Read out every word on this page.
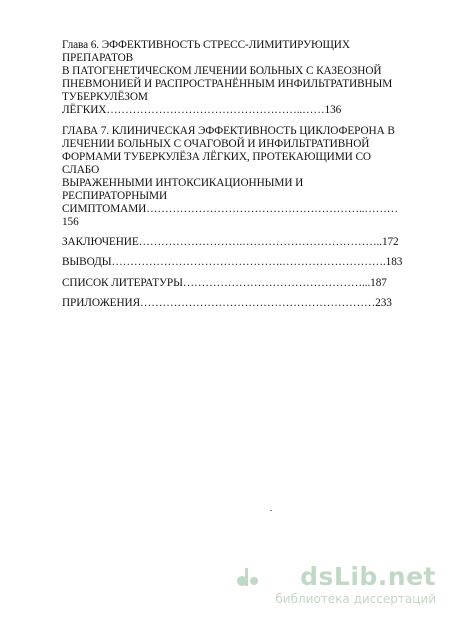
Глава 6. ЭФФЕКТИВНОСТЬ СТРЕСС-ЛИМИТИРУЮЩИХ ПРЕПАРАТОВ
В ПАТОГЕНЕТИЧЕСКОМ ЛЕЧЕНИИ БОЛЬНЫХ С КАЗЕОЗНОЙ
ПНЕВМОНИЕЙ И РАСПРОСТРАНЁННЫМ ИНФИЛЬТРАТИВНЫМ
ТУБЕРКУЛЁЗОМ ЛЁГКИХ……………………………………………..……136
ГЛАВА 7. КЛИНИЧЕСКАЯ ЭФФЕКТИВНОСТЬ ЦИКЛОФЕРОНА В
ЛЕЧЕНИИ БОЛЬНЫХ С ОЧАГОВОЙ И ИНФИЛЬТРАТИВНОЙ
ФОРМАМИ ТУБЕРКУЛЁЗА ЛЁГКИХ, ПРОТЕКАЮЩИМИ СО СЛАБО
ВЫРАЖЕННЫМИ ИНТОКСИКАЦИОННЫМИ И РЕСПИРАТОРНЫМИ
СИМПТОМАМИ…………………………………………………..………156
ЗАКЛЮЧЕНИЕ……………………….………………………………..172
ВЫВОДЫ……………………………………….……………………….183
СПИСОК ЛИТЕРАТУРЫ…………………………………………...187
ПРИЛОЖЕНИЯ………………………………………………………233
dsLib.net
библиотека диссертаций
